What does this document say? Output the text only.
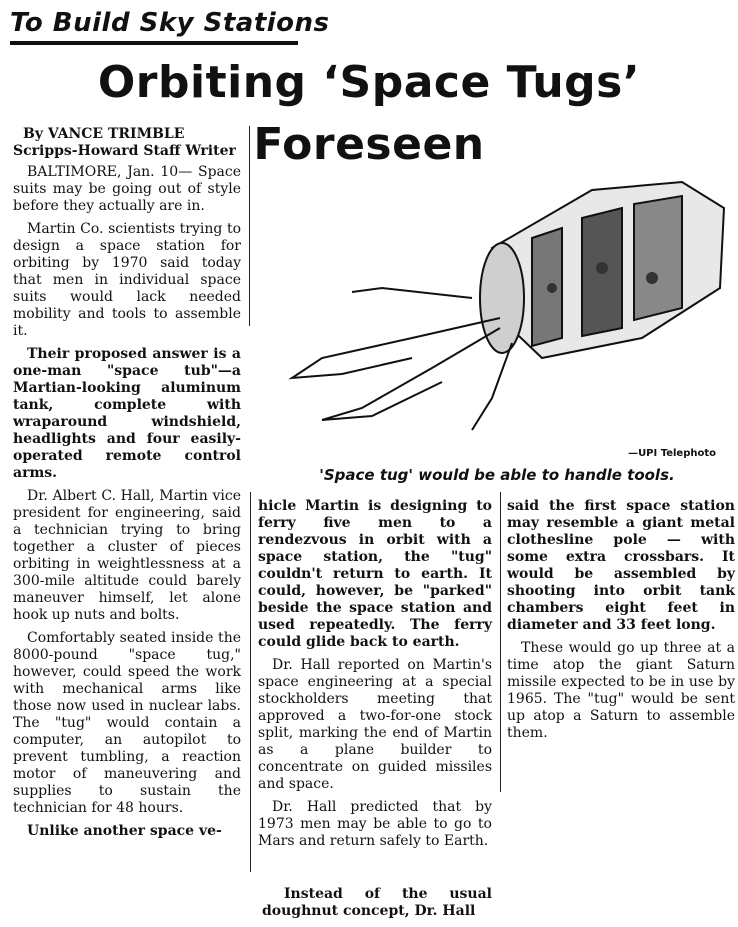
To Build Sky Stations
Orbiting ‘Space Tugs’ Foreseen
By VANCE TRIMBLE
Scripps-Howard Staff Writer

BALTIMORE, Jan. 10— Space suits may be going out of style before they actually are in.

Martin Co. scientists trying to design a space station for orbiting by 1970 said today that men in individual space suits would lack needed mobility and tools to assemble it.

Their proposed answer is a one-man "space tub"—a Martian-looking aluminum tank, complete with wraparound windshield, headlights and four easily-operated remote control arms.

Dr. Albert C. Hall, Martin vice president for engineering, said a technician trying to bring together a cluster of pieces orbiting in weightlessness at a 300-mile altitude could barely maneuver himself, let alone hook up nuts and bolts.

Comfortably seated inside the 8000-pound "space tug," however, could speed the work with mechanical arms like those now used in nuclear labs. The "tug" would contain a computer, an autopilot to prevent tumbling, a reaction motor of maneuvering and supplies to sustain the technician for 48 hours.

Unlike another space ve-

—UPI Telephoto
'Space tug' would be able to handle tools.

hicle Martin is designing to ferry five men to a rendezvous in orbit with a space station, the "tug" couldn't return to earth. It could, however, be "parked" beside the space station and used repeatedly. The ferry could glide back to earth.

Dr. Hall reported on Martin's space engineering at a special stockholders meeting that approved a two-for-one stock split, marking the end of Martin as a plane builder to concentrate on guided missiles and space.

Dr. Hall predicted that by 1973 men may be able to go to Mars and return safely to Earth.

Instead of the usual doughnut concept, Dr. Hall

said the first space station may resemble a giant metal clothesline pole — with some extra crossbars. It would be assembled by shooting into orbit tank chambers eight feet in diameter and 33 feet long.

These would go up three at a time atop the giant Saturn missile expected to be in use by 1965. The "tug" would be sent up atop a Saturn to assemble them.
